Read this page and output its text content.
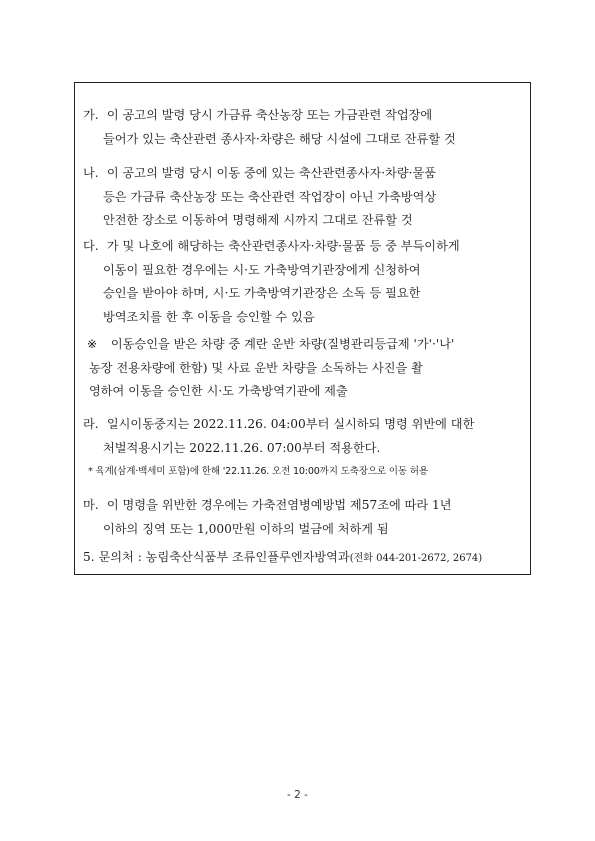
가. 이 공고의 발령 당시 가금류 축산농장 또는 가금관련 작업장에
들어가 있는 축산관련 종사자·차량은 해당 시설에 그대로 잔류할 것
나. 이 공고의 발령 당시 이동 중에 있는 축산관련종사자·차량·물품
등은 가금류 축산농장 또는 축산관련 작업장이 아닌 가축방역상
안전한 장소로 이동하여 명령해제 시까지 그대로 잔류할 것
다. 가 및 나호에 해당하는 축산관련종사자·차량·물품 등 중 부득이하게
이동이 필요한 경우에는 시·도 가축방역기관장에게 신청하여
승인을 받아야 하며, 시·도 가축방역기관장은 소독 등 필요한
방역조치를 한 후 이동을 승인할 수 있음
※ 이동승인을 받은 차량 중 계란 운반 차량(질병관리등급제 '가'·'나'
농장 전용차량에 한함) 및 사료 운반 차량을 소독하는 사진을 촬
영하여 이동을 승인한 시·도 가축방역기관에 제출
라. 일시이동중지는 2022.11.26. 04:00부터 실시하되 명령 위반에 대한
처벌적용시기는 2022.11.26. 07:00부터 적용한다.
* 육계(삼계·백세미 포함)에 한해 '22.11.26. 오전 10:00까지 도축장으로 이동 허용
마. 이 명령을 위반한 경우에는 가축전염병예방법 제57조에 따라 1년
이하의 징역 또는 1,000만원 이하의 벌금에 처하게 됨
5. 문의처 : 농림축산식품부 조류인플루엔자방역과(전화 044-201-2672, 2674)
- 2 -
